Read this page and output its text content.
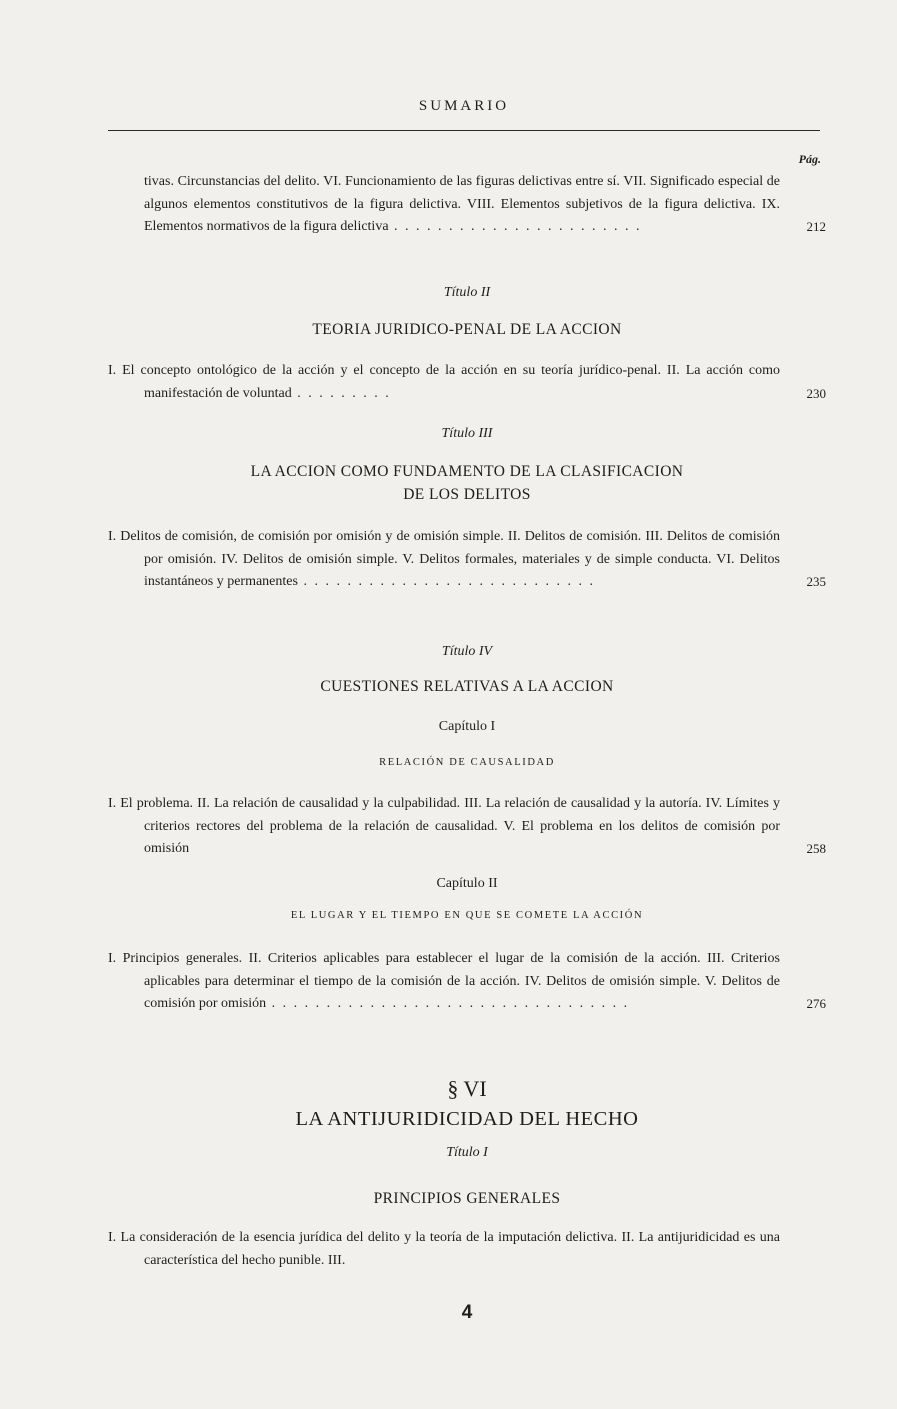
SUMARIO
Pág.
tivas. Circunstancias del delito. VI. Funcionamiento de las figuras delictivas entre sí. VII. Significado especial de algunos elementos constitutivos de la figura delictiva. VIII. Elementos subjetivos de la figura delictiva. IX. Elementos normativos de la figura delictiva . . . . . . . . . . . . . . . . . . . . . . .	212
Título II
TEORIA JURIDICO-PENAL DE LA ACCION
I. El concepto ontológico de la acción y el concepto de la acción en su teoría jurídico-penal. II. La acción como manifestación de voluntad . . . . . . . . .	230
Título III
LA ACCION COMO FUNDAMENTO DE LA CLASIFICACION
DE LOS DELITOS
I. Delitos de comisión, de comisión por omisión y de omisión simple. II. Delitos de comisión. III. Delitos de comisión por omisión. IV. Delitos de omisión simple. V. Delitos formales, materiales y de simple conducta. VI. Delitos instantáneos y permanentes . . . . . . . . . . . . . . . . . . . . . . . . . . .	235
Título IV
CUESTIONES RELATIVAS A LA ACCION
Capítulo I
RELACIÓN DE CAUSALIDAD
I. El problema. II. La relación de causalidad y la culpabilidad. III. La relación de causalidad y la autoría. IV. Límites y criterios rectores del problema de la relación de causalidad. V. El problema en los delitos de comisión por omisión	258
Capítulo II
EL LUGAR Y EL TIEMPO EN QUE SE COMETE LA ACCIÓN
I. Principios generales. II. Criterios aplicables para establecer el lugar de la comisión de la acción. III. Criterios aplicables para determinar el tiempo de la comisión de la acción. IV. Delitos de omisión simple. V. Delitos de comisión por omisión . . . . . . . . . . . . . . . . . . . . . . . . . . . . . . . . .	276
§ VI
LA ANTIJURIDICIDAD DEL HECHO
Título I
PRINCIPIOS GENERALES
I. La consideración de la esencia jurídica del delito y la teoría de la imputación delictiva. II. La antijuridicidad es una característica del hecho punible. III.
4
